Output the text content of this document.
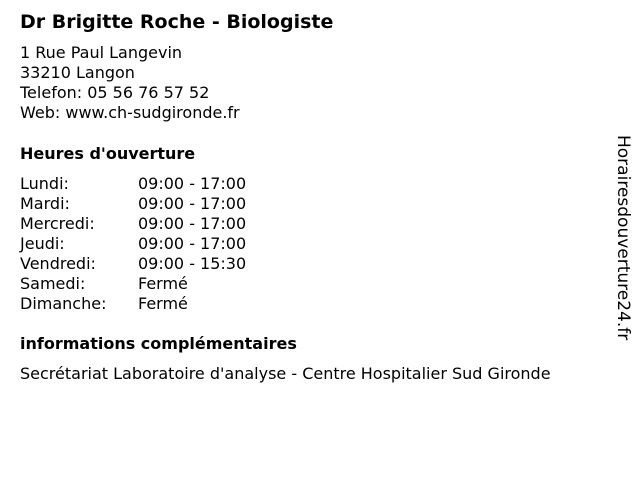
Dr Brigitte Roche - Biologiste
1 Rue Paul Langevin
33210 Langon
Telefon: 05 56 76 57 52
Web: www.ch-sudgironde.fr
Heures d'ouverture
Lundi:	09:00 - 17:00
Mardi:	09:00 - 17:00
Mercredi:	09:00 - 17:00
Jeudi:	09:00 - 17:00
Vendredi:	09:00 - 15:30
Samedi:	Fermé
Dimanche: Fermé
informations complémentaires
Secrétariat Laboratoire d'analyse - Centre Hospitalier Sud Gironde
Horairesdouverture24.fr
